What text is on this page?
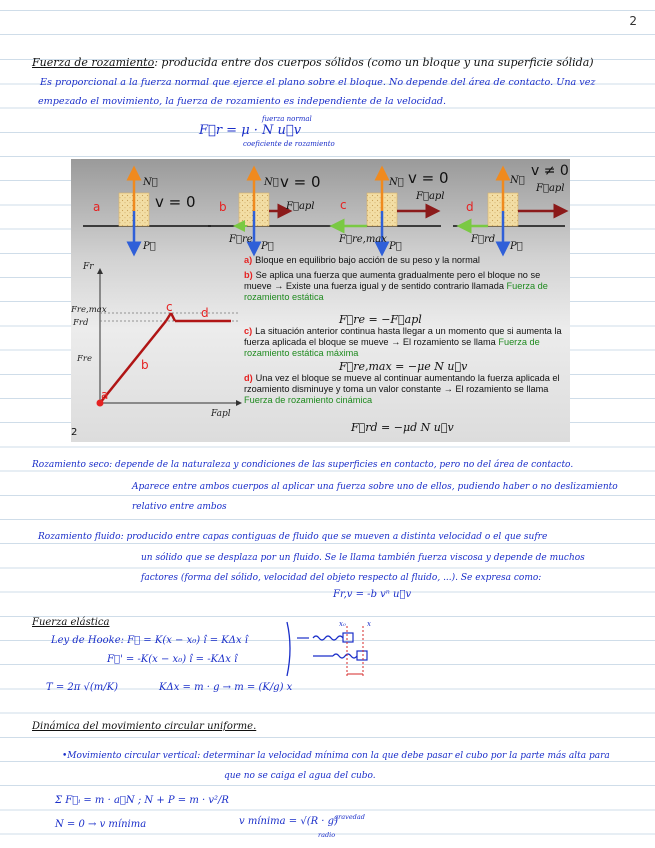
2
Fuerza de rozamiento: producida entre dos cuerpos sólidos (como un bloque y una superficie sólida)
Es proporcional a la fuerza normal que ejerce el plano sobre el bloque. No depende del área de contacto. Una vez
empezado el movimiento, la fuerza de rozamiento es independiente de la velocidad.
F⃗r = μ · N u⃗v
fuerza normal
coeficiente de rozamiento
N⃗
P⃗
v = 0
a
N⃗
P⃗
v = 0
F⃗apl
F⃗re
b
N⃗
P⃗
v = 0
F⃗apl
F⃗re,max
c
N⃗
P⃗
v ≠ 0
F⃗apl
F⃗rd
d
Fr
Fapl
Fre,max
Frd
Fre
a
b
c d
2
a) Bloque en equilibrio bajo acción de su peso y la normal
b) Se aplica una fuerza que aumenta gradualmente pero el bloque no se mueve → Existe una fuerza igual y de sentido contrario llamada Fuerza de rozamiento estática
F⃗re = −F⃗apl
c) La situación anterior continua hasta llegar a un momento que si aumenta la fuerza aplicada el bloque se mueve → El rozamiento se llama Fuerza de rozamiento estática máxima
F⃗re,max = −μe N u⃗v
d) Una vez el bloque se mueve al continuar aumentando la fuerza aplicada el rzoamiento disminuye y toma un valor constante → El rozamiento se llama Fuerza de rozamiento cinámica
F⃗rd = −μd N u⃗v
Rozamiento seco: depende de la naturaleza y condiciones de las superficies en contacto, pero no del área de contacto.
Aparece entre ambos cuerpos al aplicar una fuerza sobre uno de ellos, pudiendo haber o no deslizamiento
relativo entre ambos
Rozamiento fluido: producido entre capas contiguas de fluido que se mueven a distinta velocidad o el que sufre
un sólido que se desplaza por un fluido. Se le llama también fuerza viscosa y depende de muchos
factores (forma del sólido, velocidad del objeto respecto al fluido, ...). Se expresa como:
Fr,v = -b vⁿ u⃗v
Fuerza elástica
Ley de Hooke: F⃗ = K(x − x₀) î = KΔx î
F⃗' = -K(x − x₀) î = -KΔx î
T = 2π √(m/K)	KΔx = m · g → m = (K/g) x
x₀	x
Dinámica del movimiento circular uniforme.
•Movimiento circular vertical: determinar la velocidad mínima con la que debe pasar el cubo por la parte más alta para
que no se caiga el agua del cubo.
Σ F⃗ᵢ = m · a⃗N ; N + P = m · v²/R
N = 0 → v mínima	v mínima = √(R · g)
gravedad
radio
